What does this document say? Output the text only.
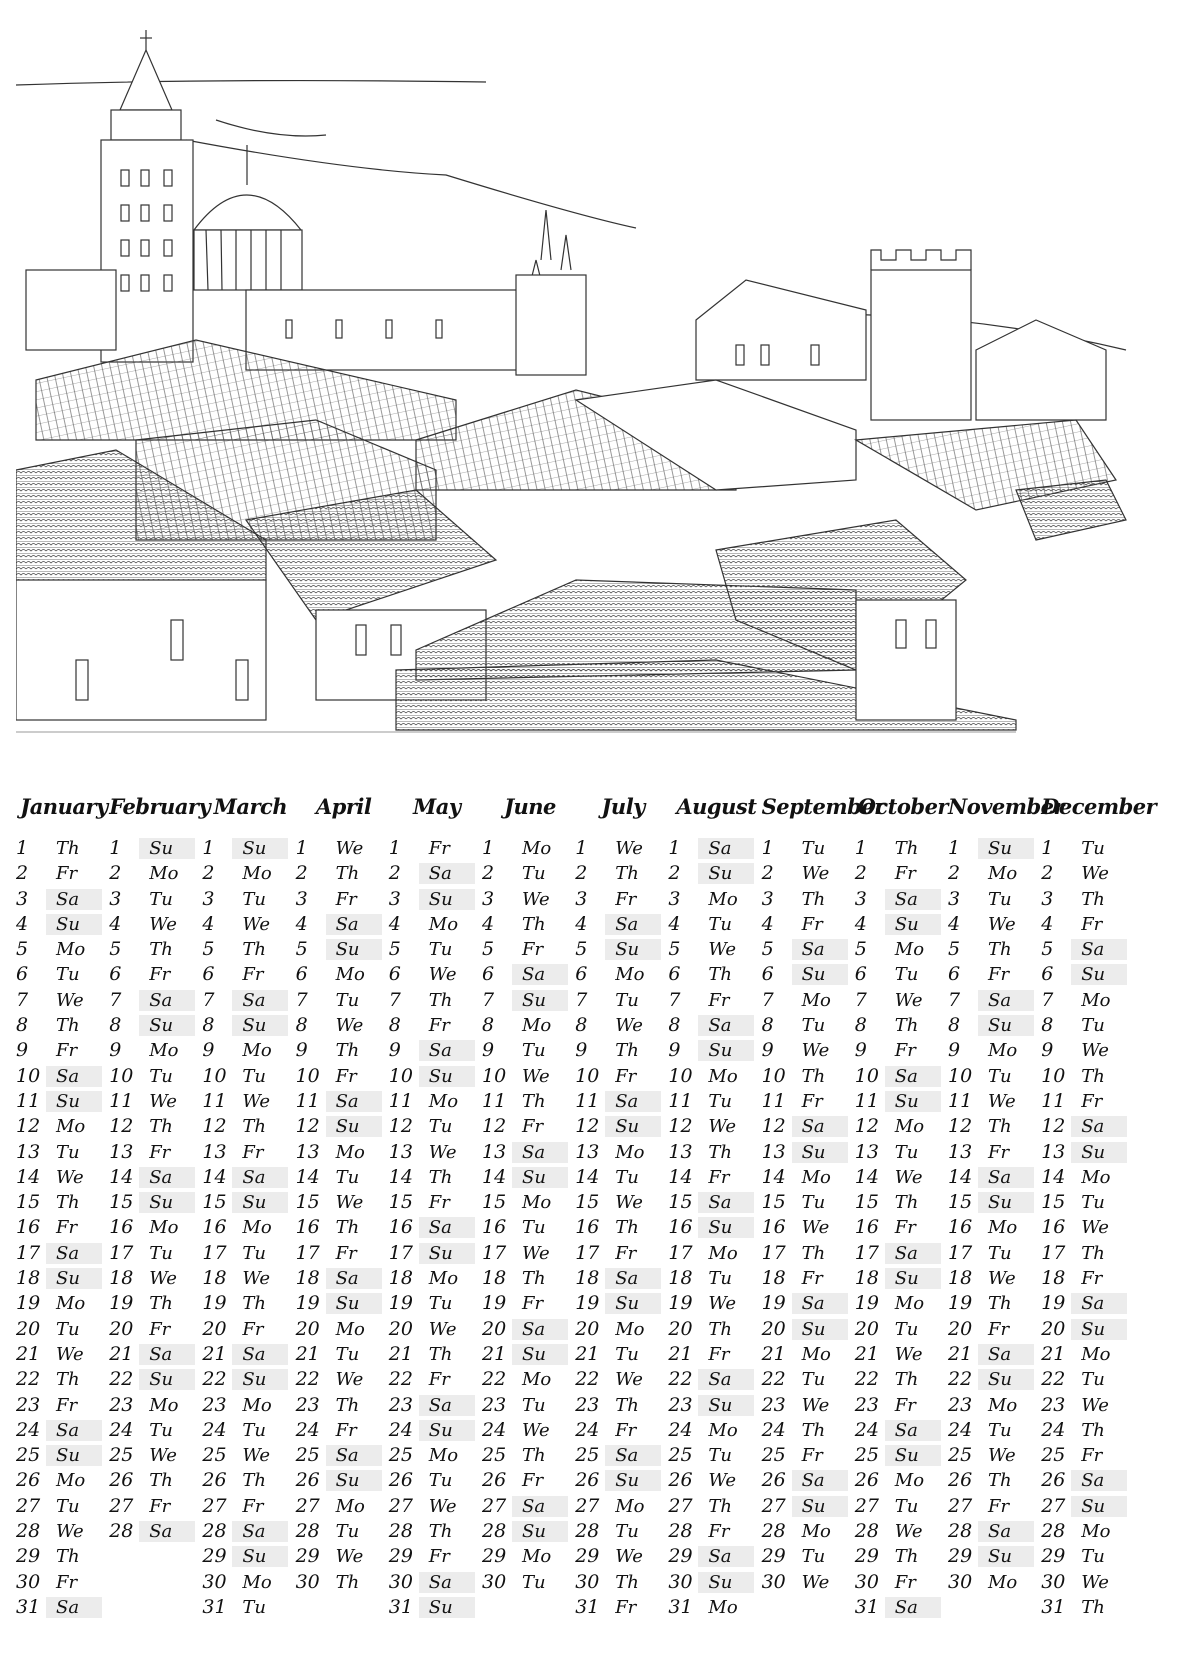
January
1	Th
2	Fr
3	Sa
4	Su
5	Mo
6	Tu
7	We
8	Th
9	Fr
10 Sa
11 Su
12 Mo
13 Tu
14 We
15 Th
16 Fr
17 Sa
18 Su
19 Mo
20 Tu
21 We
22 Th
23 Fr
24 Sa
25 Su
26 Mo
27 Tu
28 We
29 Th
30 Fr
31 Sa
February
1	Su
2	Mo
3	Tu
4	We
5	Th
6	Fr
7	Sa
8	Su
9	Mo
10 Tu
11 We
12 Th
13 Fr
14 Sa
15 Su
16 Mo
17 Tu
18 We
19 Th
20 Fr
21 Sa
22 Su
23 Mo
24 Tu
25 We
26 Th
27 Fr
28 Sa
March
1	Su
2	Mo
3	Tu
4	We
5	Th
6	Fr
7	Sa
8	Su
9	Mo
10 Tu
11 We
12 Th
13 Fr
14 Sa
15 Su
16 Mo
17 Tu
18 We
19 Th
20 Fr
21 Sa
22 Su
23 Mo
24 Tu
25 We
26 Th
27 Fr
28 Sa
29 Su
30 Mo
31 Tu
April
1	We
2	Th
3	Fr
4	Sa
5	Su
6	Mo
7	Tu
8	We
9	Th
10 Fr
11 Sa
12 Su
13 Mo
14 Tu
15 We
16 Th
17 Fr
18 Sa
19 Su
20 Mo
21 Tu
22 We
23 Th
24 Fr
25 Sa
26 Su
27 Mo
28 Tu
29 We
30 Th
May
1	Fr
2	Sa
3	Su
4	Mo
5	Tu
6	We
7	Th
8	Fr
9	Sa
10 Su
11 Mo
12 Tu
13 We
14 Th
15 Fr
16 Sa
17 Su
18 Mo
19 Tu
20 We
21 Th
22 Fr
23 Sa
24 Su
25 Mo
26 Tu
27 We
28 Th
29 Fr
30 Sa
31 Su
June
1	Mo
2	Tu
3	We
4	Th
5	Fr
6	Sa
7	Su
8	Mo
9	Tu
10 We
11 Th
12 Fr
13 Sa
14 Su
15 Mo
16 Tu
17 We
18 Th
19 Fr
20 Sa
21 Su
22 Mo
23 Tu
24 We
25 Th
26 Fr
27 Sa
28 Su
29 Mo
30 Tu
July
1	We
2	Th
3	Fr
4	Sa
5	Su
6	Mo
7	Tu
8	We
9	Th
10 Fr
11 Sa
12 Su
13 Mo
14 Tu
15 We
16 Th
17 Fr
18 Sa
19 Su
20 Mo
21 Tu
22 We
23 Th
24 Fr
25 Sa
26 Su
27 Mo
28 Tu
29 We
30 Th
31 Fr
August
1	Sa
2	Su
3	Mo
4	Tu
5	We
6	Th
7	Fr
8	Sa
9	Su
10 Mo
11 Tu
12 We
13 Th
14 Fr
15 Sa
16 Su
17 Mo
18 Tu
19 We
20 Th
21 Fr
22 Sa
23 Su
24 Mo
25 Tu
26 We
27 Th
28 Fr
29 Sa
30 Su
31 Mo
September
1	Tu
2	We
3	Th
4	Fr
5	Sa
6	Su
7	Mo
8	Tu
9	We
10 Th
11 Fr
12 Sa
13 Su
14 Mo
15 Tu
16 We
17 Th
18 Fr
19 Sa
20 Su
21 Mo
22 Tu
23 We
24 Th
25 Fr
26 Sa
27 Su
28 Mo
29 Tu
30 We
October
1	Th
2	Fr
3	Sa
4	Su
5	Mo
6	Tu
7	We
8	Th
9	Fr
10 Sa
11 Su
12 Mo
13 Tu
14 We
15 Th
16 Fr
17 Sa
18 Su
19 Mo
20 Tu
21 We
22 Th
23 Fr
24 Sa
25 Su
26 Mo
27 Tu
28 We
29 Th
30 Fr
31 Sa
November
1	Su
2	Mo
3	Tu
4	We
5	Th
6	Fr
7	Sa
8	Su
9	Mo
10 Tu
11 We
12 Th
13 Fr
14 Sa
15 Su
16 Mo
17 Tu
18 We
19 Th
20 Fr
21 Sa
22 Su
23 Mo
24 Tu
25 We
26 Th
27 Fr
28 Sa
29 Su
30 Mo
December
1	Tu
2	We
3	Th
4	Fr
5	Sa
6	Su
7	Mo
8	Tu
9	We
10 Th
11 Fr
12 Sa
13 Su
14 Mo
15 Tu
16 We
17 Th
18 Fr
19 Sa
20 Su
21 Mo
22 Tu
23 We
24 Th
25 Fr
26 Sa
27 Su
28 Mo
29 Tu
30 We
31 Th
